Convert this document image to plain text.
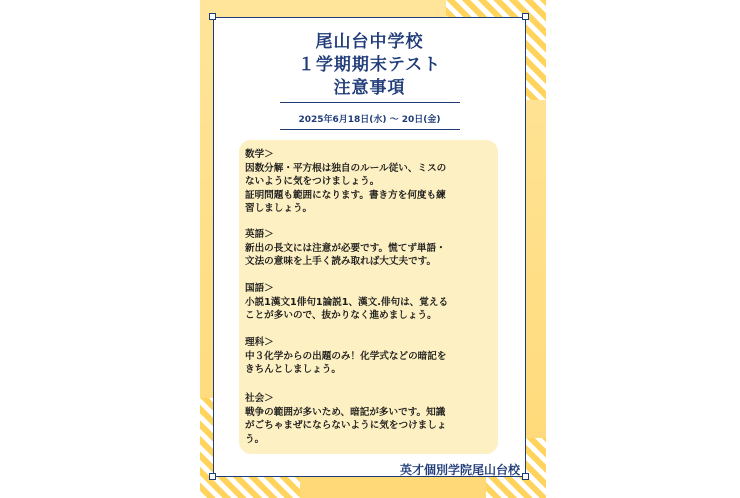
尾山台中学校
１学期期末テスト
注意事項
2025年6月18日(水) ～ 20日(金)
数学＞
因数分解・平方根は独自のルール従い、ミスの
ないように気をつけましょう。
証明問題も範囲になります。書き方を何度も練
習しましょう。
英語＞
新出の長文には注意が必要です。慌てず単語・
文法の意味を上手く読み取れば大丈夫です。
国語＞
小説1漢文1俳句1論説1、漢文.俳句は、覚える
ことが多いので、抜かりなく進めましょう。
理科＞
中３化学からの出題のみ！化学式などの暗記を
きちんとしましょう。
社会＞
戦争の範囲が多いため、暗記が多いです。知識
がごちゃまぜにならないように気をつけましょ
う。
英才個別学院尾山台校
